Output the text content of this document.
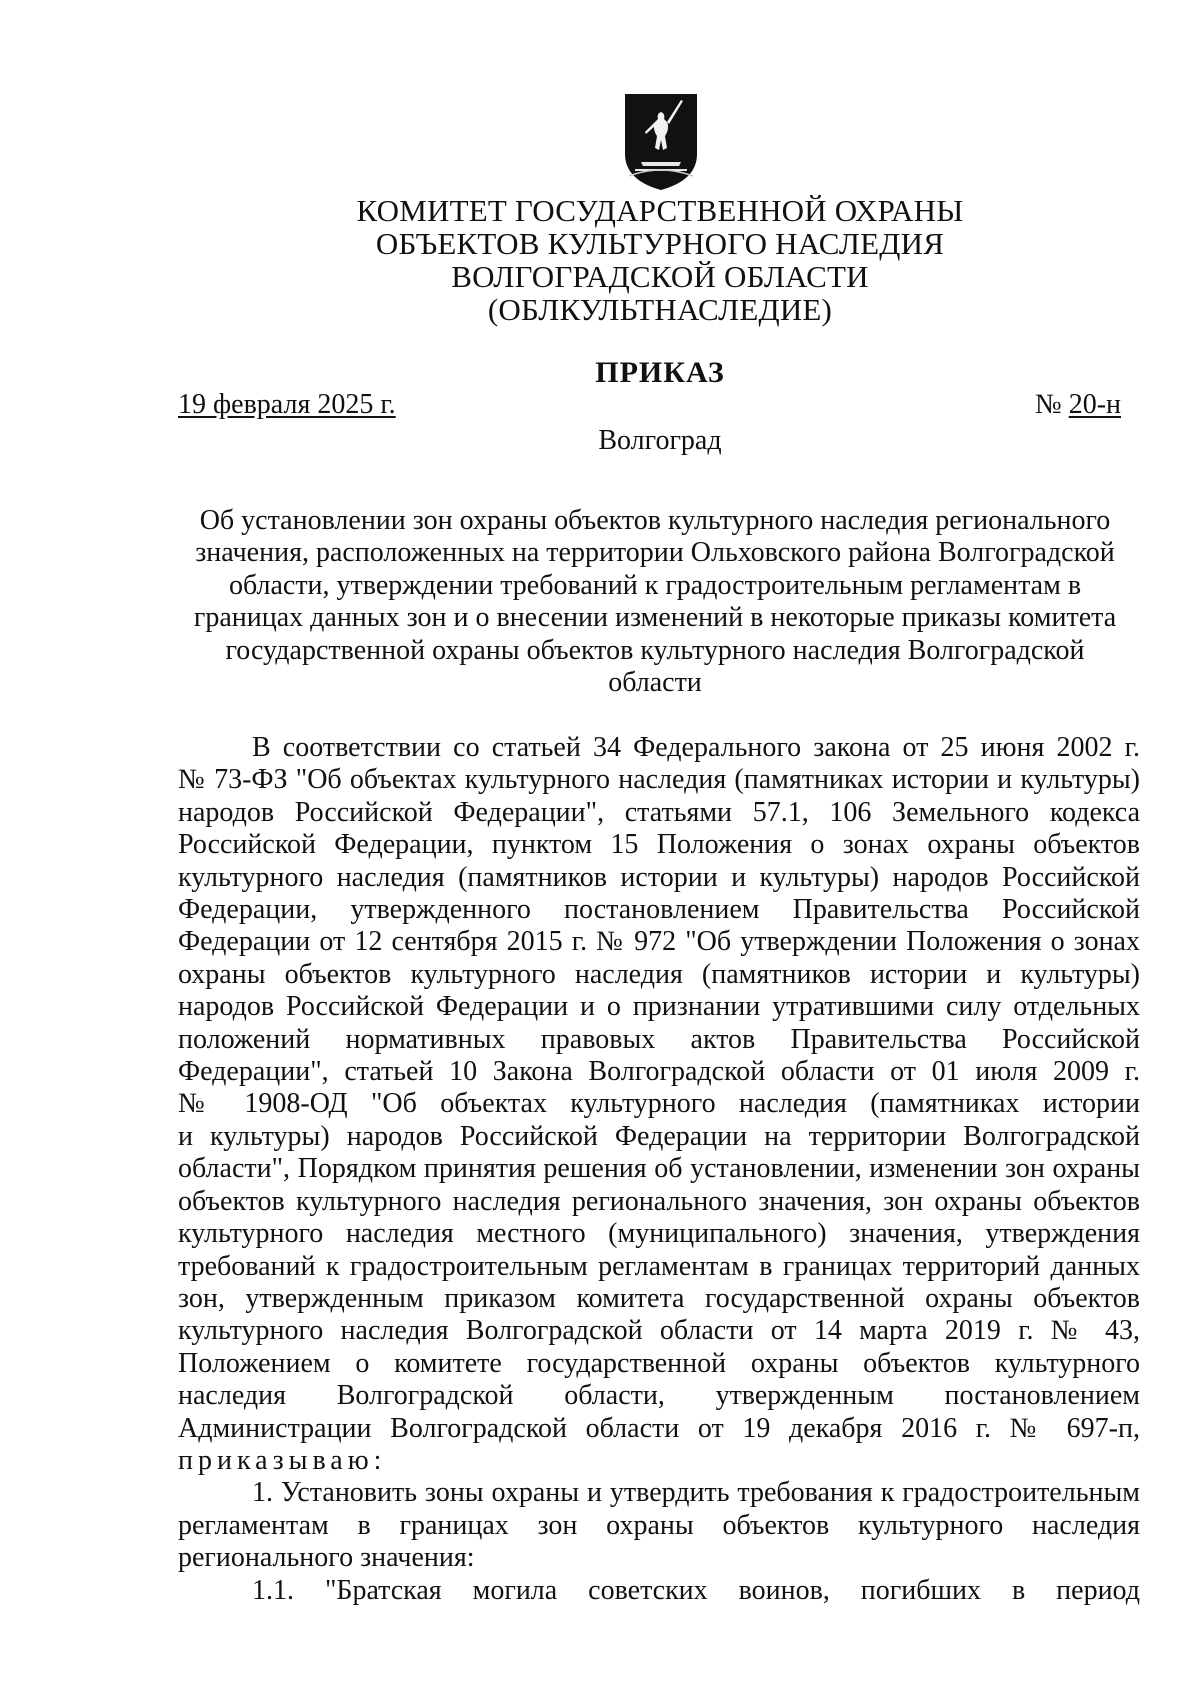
КОМИТЕТ ГОСУДАРСТВЕННОЙ ОХРАНЫ
ОБЪЕКТОВ КУЛЬТУРНОГО НАСЛЕДИЯ
ВОЛГОГРАДСКОЙ ОБЛАСТИ
(ОБЛКУЛЬТНАСЛЕДИЕ)
ПРИКАЗ
19 февраля 2025 г.	№ 20-н
Волгоград
Об установлении зон охраны объектов культурного наследия регионального
значения, расположенных на территории Ольховского района Волгоградской
области, утверждении требований к градостроительным регламентам в
границах данных зон и о внесении изменений в некоторые приказы комитета
государственной охраны объектов культурного наследия Волгоградской
области
В соответствии со статьей 34 Федерального закона от 25 июня 2002 г.
№ 73-ФЗ "Об объектах культурного наследия (памятниках истории и культуры)
народов Российской Федерации", статьями 57.1, 106 Земельного кодекса
Российской Федерации, пунктом 15 Положения о зонах охраны объектов
культурного наследия (памятников истории и культуры) народов Российской
Федерации, утвержденного постановлением Правительства Российской
Федерации от 12 сентября 2015 г. № 972 "Об утверждении Положения о зонах
охраны объектов культурного наследия (памятников истории и культуры)
народов Российской Федерации и о признании утратившими силу отдельных
положений нормативных правовых актов Правительства Российской
Федерации", статьей 10 Закона Волгоградской области от 01 июля 2009 г.
№ 1908-ОД "Об объектах культурного наследия (памятниках истории
и культуры) народов Российской Федерации на территории Волгоградской
области", Порядком принятия решения об установлении, изменении зон охраны
объектов культурного наследия регионального значения, зон охраны объектов
культурного наследия местного (муниципального) значения, утверждения
требований к градостроительным регламентам в границах территорий данных
зон, утвержденным приказом комитета государственной охраны объектов
культурного наследия Волгоградской области от 14 марта 2019 г. № 43,
Положением о комитете государственной охраны объектов культурного
наследия Волгоградской области, утвержденным постановлением
Администрации Волгоградской области от 19 декабря 2016 г. № 697-п,
приказываю:
1. Установить зоны охраны и утвердить требования к градостроительным
регламентам в границах зон охраны объектов культурного наследия
регионального значения:
1.1. "Братская могила советских воинов, погибших в период
